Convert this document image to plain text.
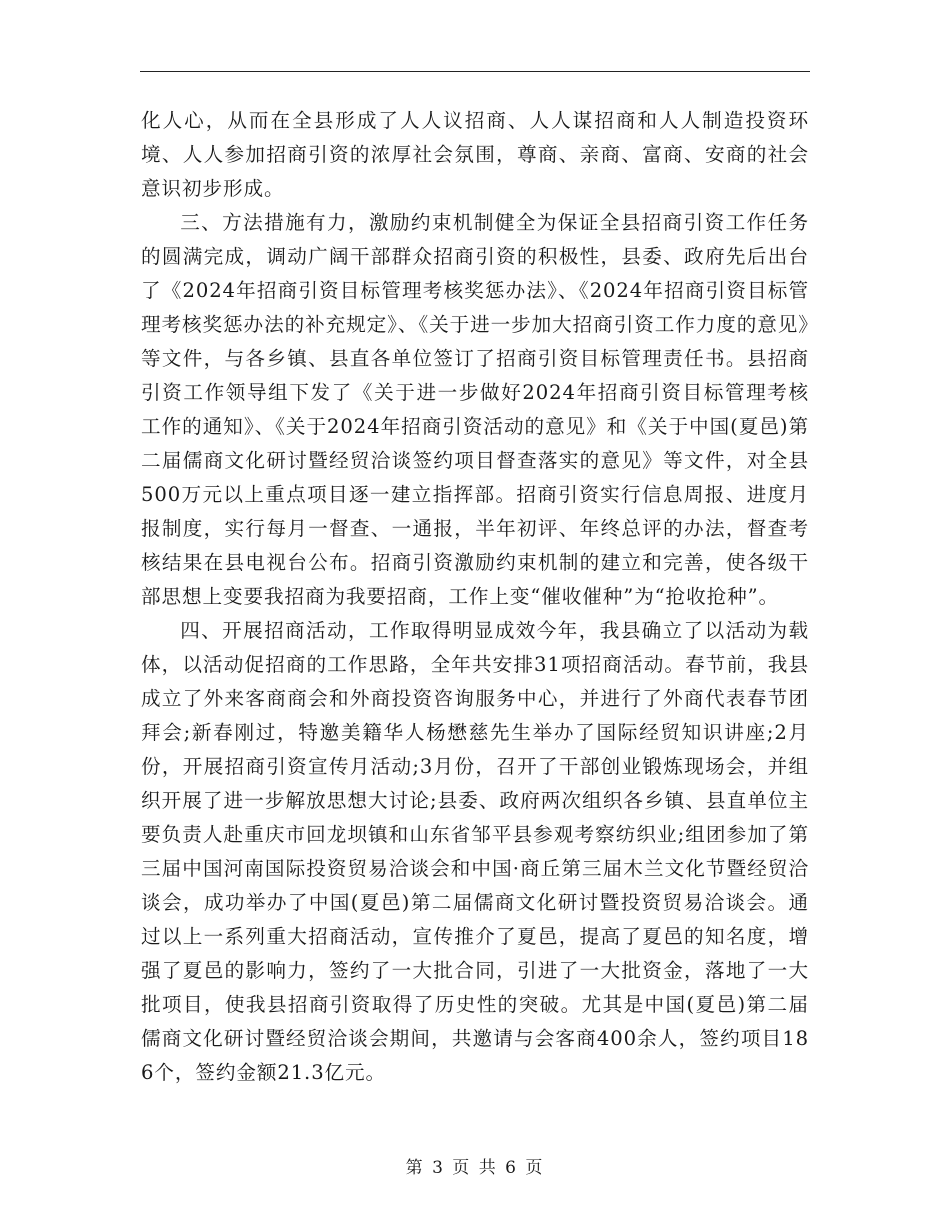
化人心，从而在全县形成了人人议招商、人人谋招商和人人制造投资环境、人人参加招商引资的浓厚社会氛围，尊商、亲商、富商、安商的社会意识初步形成。

三、方法措施有力，激励约束机制健全为保证全县招商引资工作任务的圆满完成，调动广阔干部群众招商引资的积极性，县委、政府先后出台了《2024年招商引资目标管理考核奖惩办法》、《2024年招商引资目标管理考核奖惩办法的补充规定》、《关于进一步加大招商引资工作力度的意见》等文件，与各乡镇、县直各单位签订了招商引资目标管理责任书。县招商引资工作领导组下发了《关于进一步做好2024年招商引资目标管理考核工作的通知》、《关于2024年招商引资活动的意见》和《关于中国(夏邑)第二届儒商文化研讨暨经贸洽谈签约项目督查落实的意见》等文件，对全县500万元以上重点项目逐一建立指挥部。招商引资实行信息周报、进度月报制度，实行每月一督查、一通报，半年初评、年终总评的办法，督查考核结果在县电视台公布。招商引资激励约束机制的建立和完善，使各级干部思想上变要我招商为我要招商，工作上变“催收催种”为“抢收抢种”。

四、开展招商活动，工作取得明显成效今年，我县确立了以活动为载体，以活动促招商的工作思路，全年共安排31项招商活动。春节前，我县成立了外来客商商会和外商投资咨询服务中心，并进行了外商代表春节团拜会;新春刚过，特邀美籍华人杨懋慈先生举办了国际经贸知识讲座;2月份，开展招商引资宣传月活动;3月份，召开了干部创业锻炼现场会，并组织开展了进一步解放思想大讨论;县委、政府两次组织各乡镇、县直单位主要负责人赴重庆市回龙坝镇和山东省邹平县参观考察纺织业;组团参加了第三届中国河南国际投资贸易洽谈会和中国·商丘第三届木兰文化节暨经贸洽谈会，成功举办了中国(夏邑)第二届儒商文化研讨暨投资贸易洽谈会。通过以上一系列重大招商活动，宣传推介了夏邑，提高了夏邑的知名度，增强了夏邑的影响力，签约了一大批合同，引进了一大批资金，落地了一大批项目，使我县招商引资取得了历史性的突破。尤其是中国(夏邑)第二届儒商文化研讨暨经贸洽谈会期间，共邀请与会客商400余人，签约项目186个，签约金额21.3亿元。

第 3 页 共 6 页
